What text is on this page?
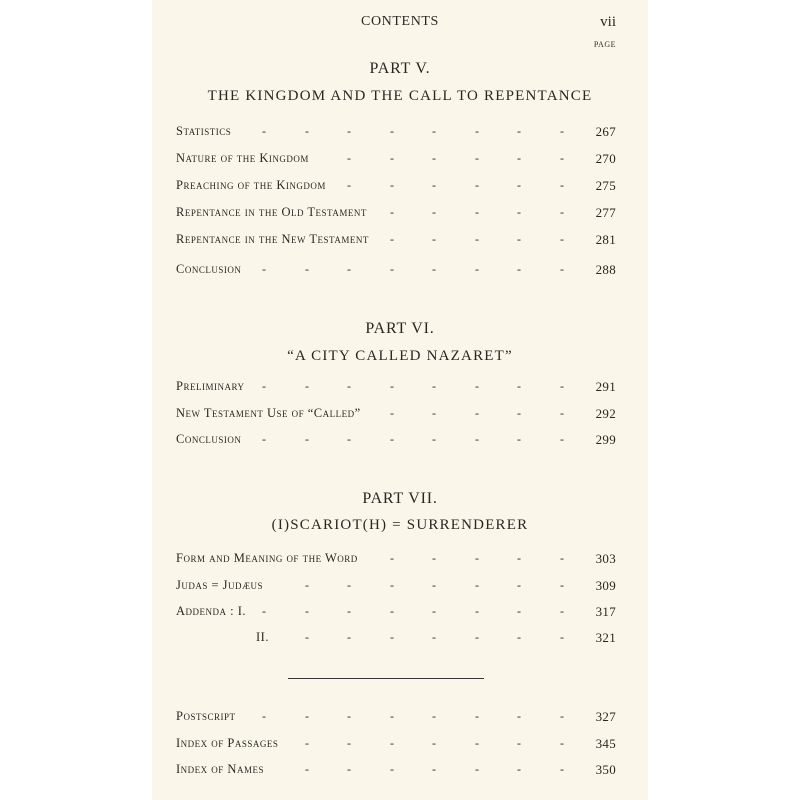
CONTENTS	vii
PAGE
PART V.
THE KINGDOM AND THE CALL TO REPENTANCE
Statistics	267
-	-	-	-	-	-	-	-
Nature of the Kingdom	270
-	-	-	-	-	-
Preaching of the Kingdom	275
-	-	-	-	-	-
Repentance in the Old Testament	277
-	-	-	-	-
Repentance in the New Testament	281
-	-	-	-	-
Conclusion	288
-	-	-	-	-	-	-	-
PART VI.
“A CITY CALLED NAZARET”
Preliminary	291
-	-	-	-	-	-	-	-
New Testament Use of “Called”	292
-	-	-	-	-
Conclusion	299
-	-	-	-	-	-	-	-
PART VII.
(I)SCARIOT(H) = SURRENDERER
Form and Meaning of the Word	303
-	-	-	-	-
Judas = Judæus	309
-	-	-	-	-	-	-
Addenda : I.	317
-	-	-	-	-	-	-	-
II.	321
-	-	-	-	-	-	-
Postscript	327
-	-	-	-	-	-	-	-
Index of Passages	345
-	-	-	-	-	-	-
Index of Names	350
-	-	-	-	-	-	-
